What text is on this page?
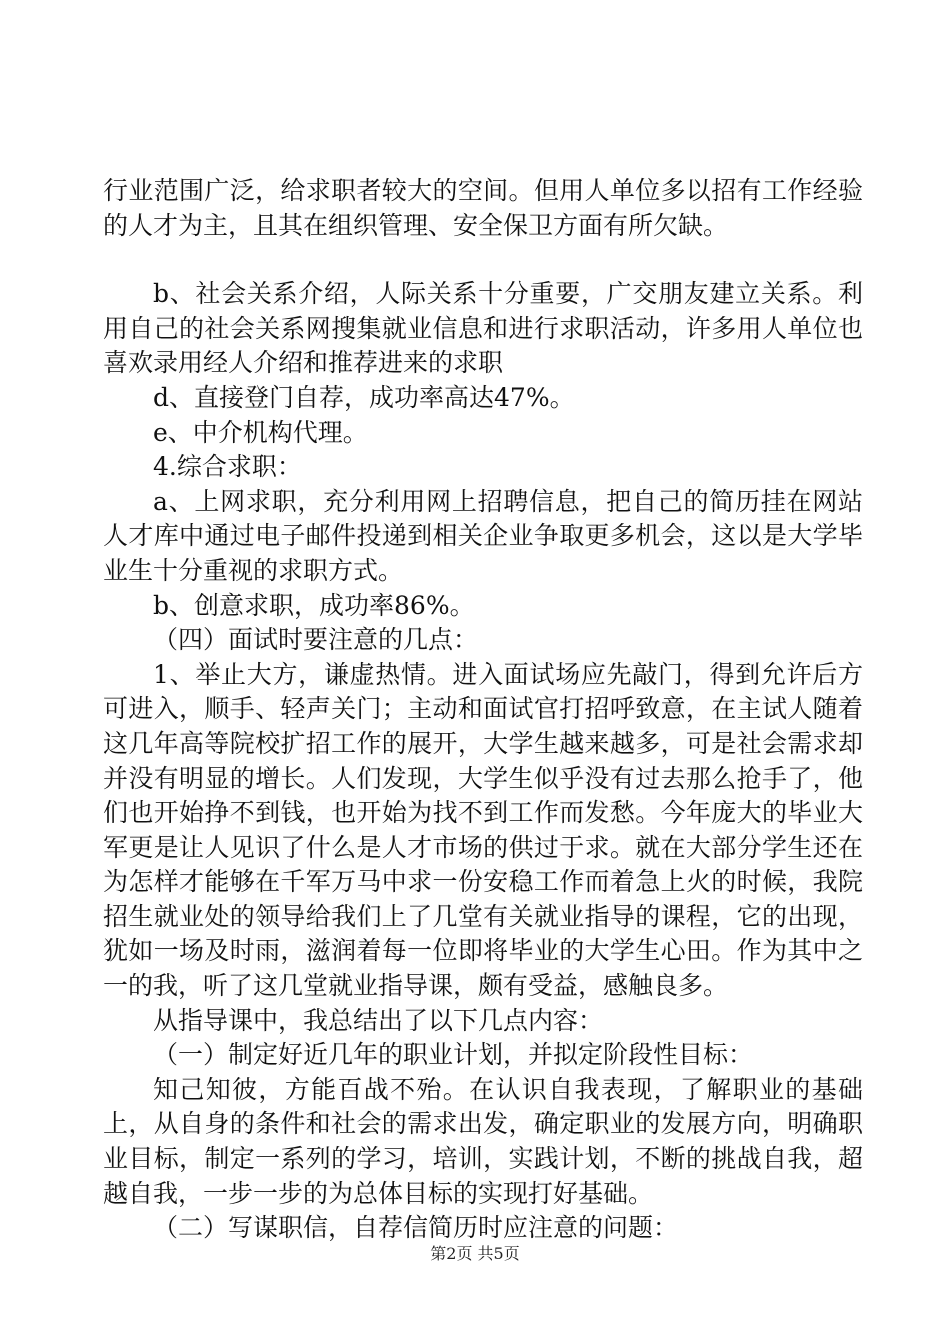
行业范围广泛，给求职者较大的空间。但用人单位多以招有工作经验的人才为主，且其在组织管理、安全保卫方面有所欠缺。

b、社会关系介绍，人际关系十分重要，广交朋友建立关系。利用自己的社会关系网搜集就业信息和进行求职活动，许多用人单位也喜欢录用经人介绍和推荐进来的求职

d、直接登门自荐，成功率高达47%。

e、中介机构代理。

4.综合求职：

a、上网求职，充分利用网上招聘信息，把自己的简历挂在网站人才库中通过电子邮件投递到相关企业争取更多机会，这以是大学毕业生十分重视的求职方式。

b、创意求职，成功率86%。

（四）面试时要注意的几点：

1、举止大方，谦虚热情。进入面试场应先敲门，得到允许后方可进入，顺手、轻声关门；主动和面试官打招呼致意，在主试人随着这几年高等院校扩招工作的展开，大学生越来越多，可是社会需求却并没有明显的增长。人们发现，大学生似乎没有过去那么抢手了，他们也开始挣不到钱，也开始为找不到工作而发愁。今年庞大的毕业大军更是让人见识了什么是人才市场的供过于求。就在大部分学生还在为怎样才能够在千军万马中求一份安稳工作而着急上火的时候，我院招生就业处的领导给我们上了几堂有关就业指导的课程，它的出现，犹如一场及时雨，滋润着每一位即将毕业的大学生心田。作为其中之一的我，听了这几堂就业指导课，颇有受益，感触良多。

从指导课中，我总结出了以下几点内容：

（一）制定好近几年的职业计划，并拟定阶段性目标：

知己知彼，方能百战不殆。在认识自我表现，了解职业的基础上，从自身的条件和社会的需求出发，确定职业的发展方向，明确职业目标，制定一系列的学习，培训，实践计划，不断的挑战自我，超越自我，一步一步的为总体目标的实现打好基础。

（二）写谋职信，自荐信简历时应注意的问题：

第2页 共5页
